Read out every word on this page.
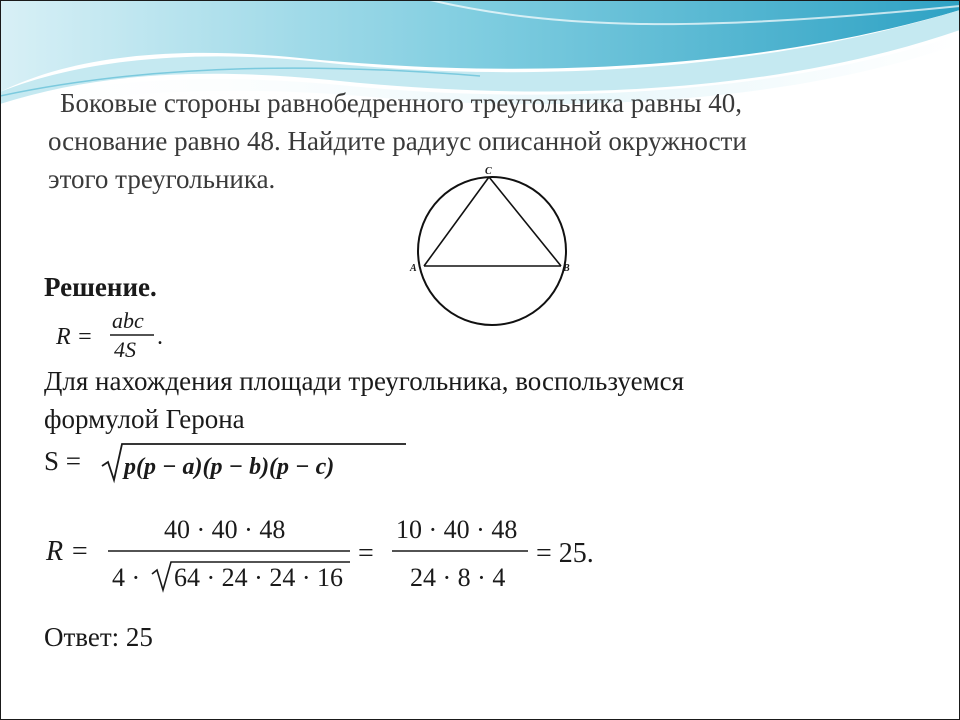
Боковые стороны равнобедренного треугольника равны 40,
основание равно 48. Найдите радиус описанной окружности
этого треугольника.
A	B
C
Решение.
R =
abc
4S .
Для нахождения площади треугольника, воспользуемся
формулой Герона
S = p(p − a)(p − b)(p − c)
R =
40 · 40 · 48
4 · 64 · 24 · 24 · 16
=
10 · 40 · 48
24 · 8 · 4
= 25.
Ответ: 25
